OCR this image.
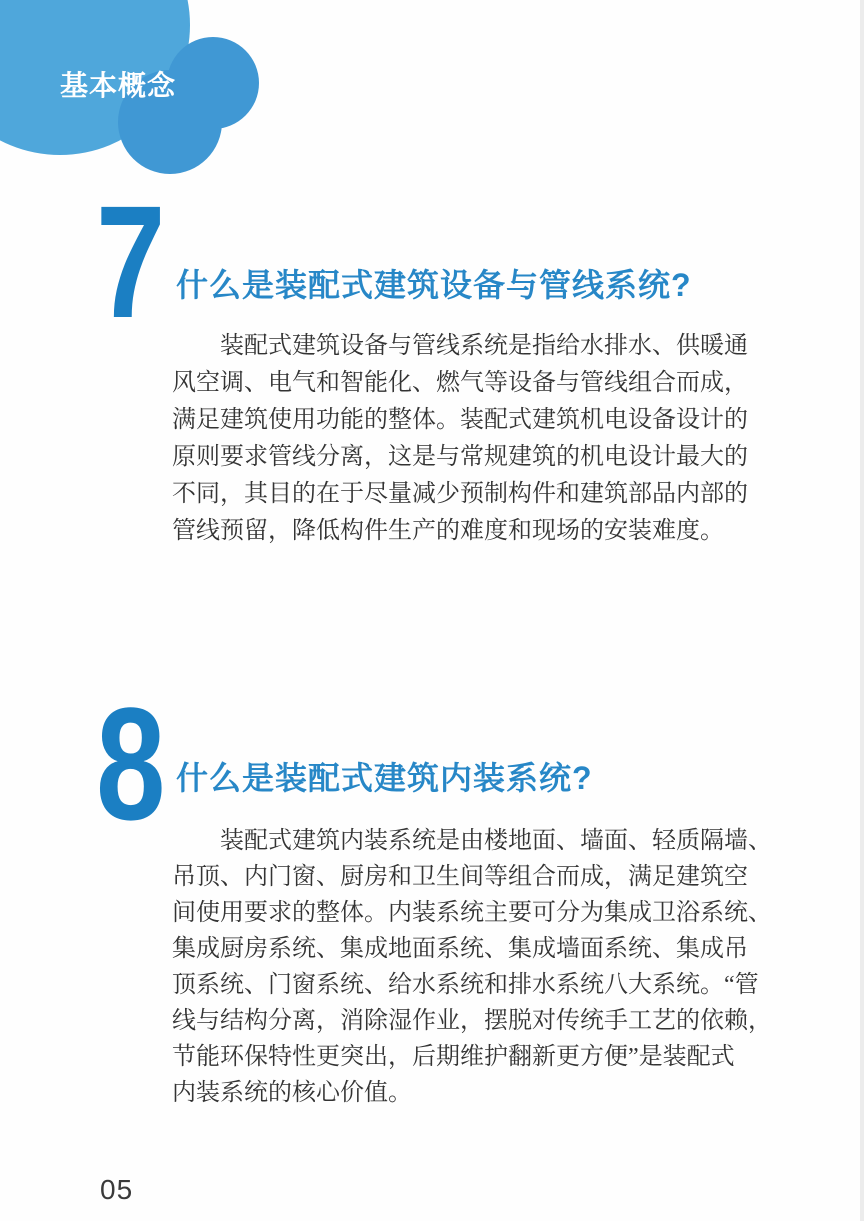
基本概念
7 什么是装配式建筑设备与管线系统?
装配式建筑设备与管线系统是指给水排水、供暖通
风空调、电气和智能化、燃气等设备与管线组合而成，
满足建筑使用功能的整体。装配式建筑机电设备设计的
原则要求管线分离，这是与常规建筑的机电设计最大的
不同，其目的在于尽量减少预制构件和建筑部品内部的
管线预留，降低构件生产的难度和现场的安装难度。
8 什么是装配式建筑内装系统?
装配式建筑内装系统是由楼地面、墙面、轻质隔墙、
吊顶、内门窗、厨房和卫生间等组合而成，满足建筑空
间使用要求的整体。内装系统主要可分为集成卫浴系统、
集成厨房系统、集成地面系统、集成墙面系统、集成吊
顶系统、门窗系统、给水系统和排水系统八大系统。“管
线与结构分离，消除湿作业，摆脱对传统手工艺的依赖，
节能环保特性更突出，后期维护翻新更方便”是装配式
内装系统的核心价值。
05
